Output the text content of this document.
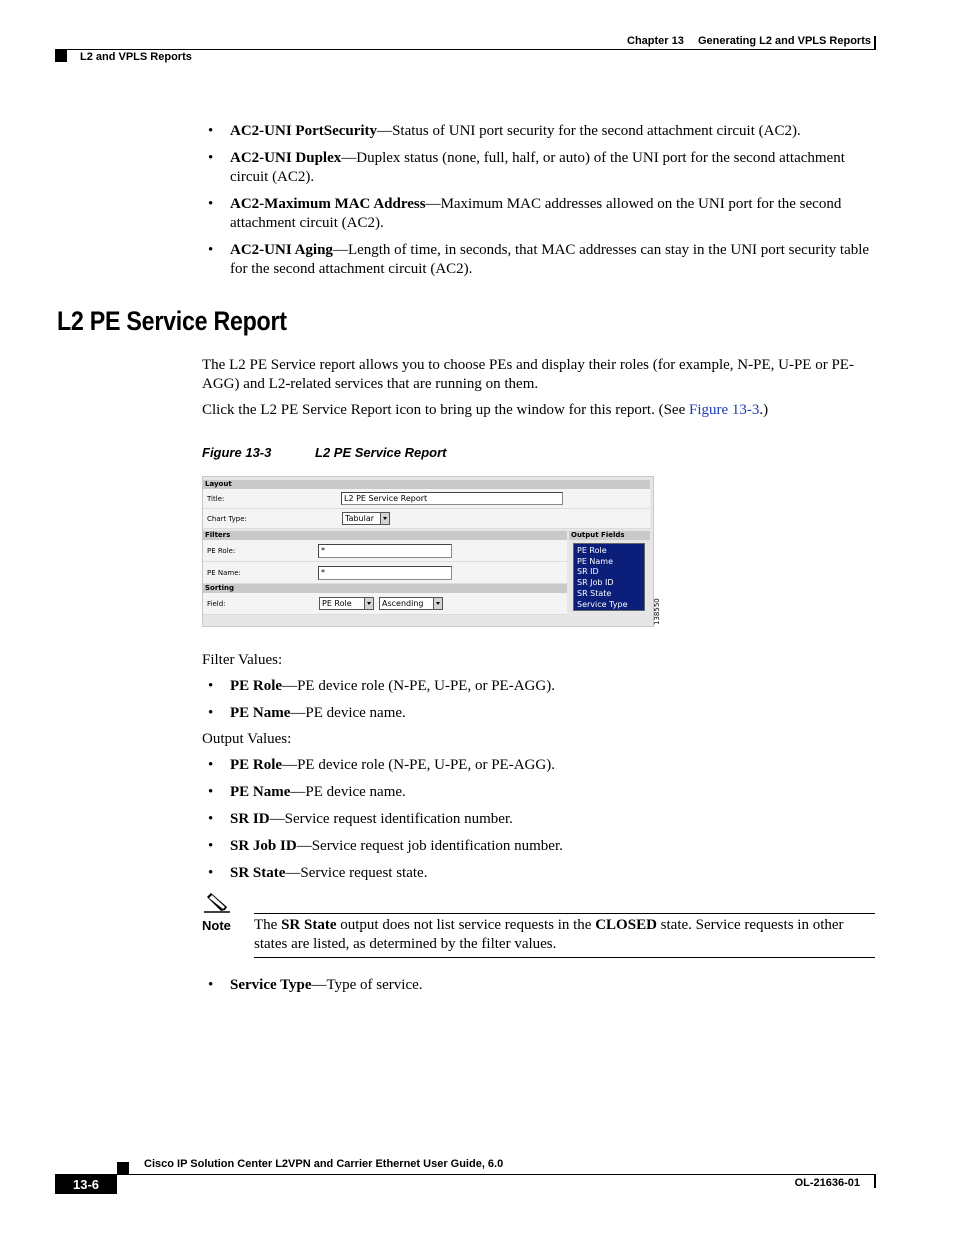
Chapter 13 Generating L2 and VPLS Reports
L2 and VPLS Reports
• AC2-UNI PortSecurity—Status of UNI port security for the second attachment circuit (AC2).
• AC2-UNI Duplex—Duplex status (none, full, half, or auto) of the UNI port for the second attachment circuit (AC2).
• AC2-Maximum MAC Address—Maximum MAC addresses allowed on the UNI port for the second attachment circuit (AC2).
• AC2-UNI Aging—Length of time, in seconds, that MAC addresses can stay in the UNI port security table for the second attachment circuit (AC2).
L2 PE Service Report

The L2 PE Service report allows you to choose PEs and display their roles (for example, N-PE, U-PE or PE-AGG) and L2-related services that are running on them.

Click the L2 PE Service Report icon to bring up the window for this report. (See Figure 13-3.)

Figure 13-3	L2 PE Service Report
Layout
Title:	L2 PE Service Report
Chart Type:	Tabular
Filters	Output Fields
PE Role:	*
PE Name:	*
Sorting
Field:	PE Role	Ascending
PE Role
PE Name
SR ID
SR Job ID
SR State
Service Type	138550

Filter Values:

• PE Role—PE device role (N-PE, U-PE, or PE-AGG).
• PE Name—PE device name.

Output Values:

• PE Role—PE device role (N-PE, U-PE, or PE-AGG).
• PE Name—PE device name.
• SR ID—Service request identification number.
• SR Job ID—Service request job identification number.
• SR State—Service request state.
Note The SR State output does not list service requests in the CLOSED state. Service requests in other states are listed, as determined by the filter values.

• Service Type—Type of service.
Cisco IP Solution Center L2VPN and Carrier Ethernet User Guide, 6.0
13-6	OL-21636-01
